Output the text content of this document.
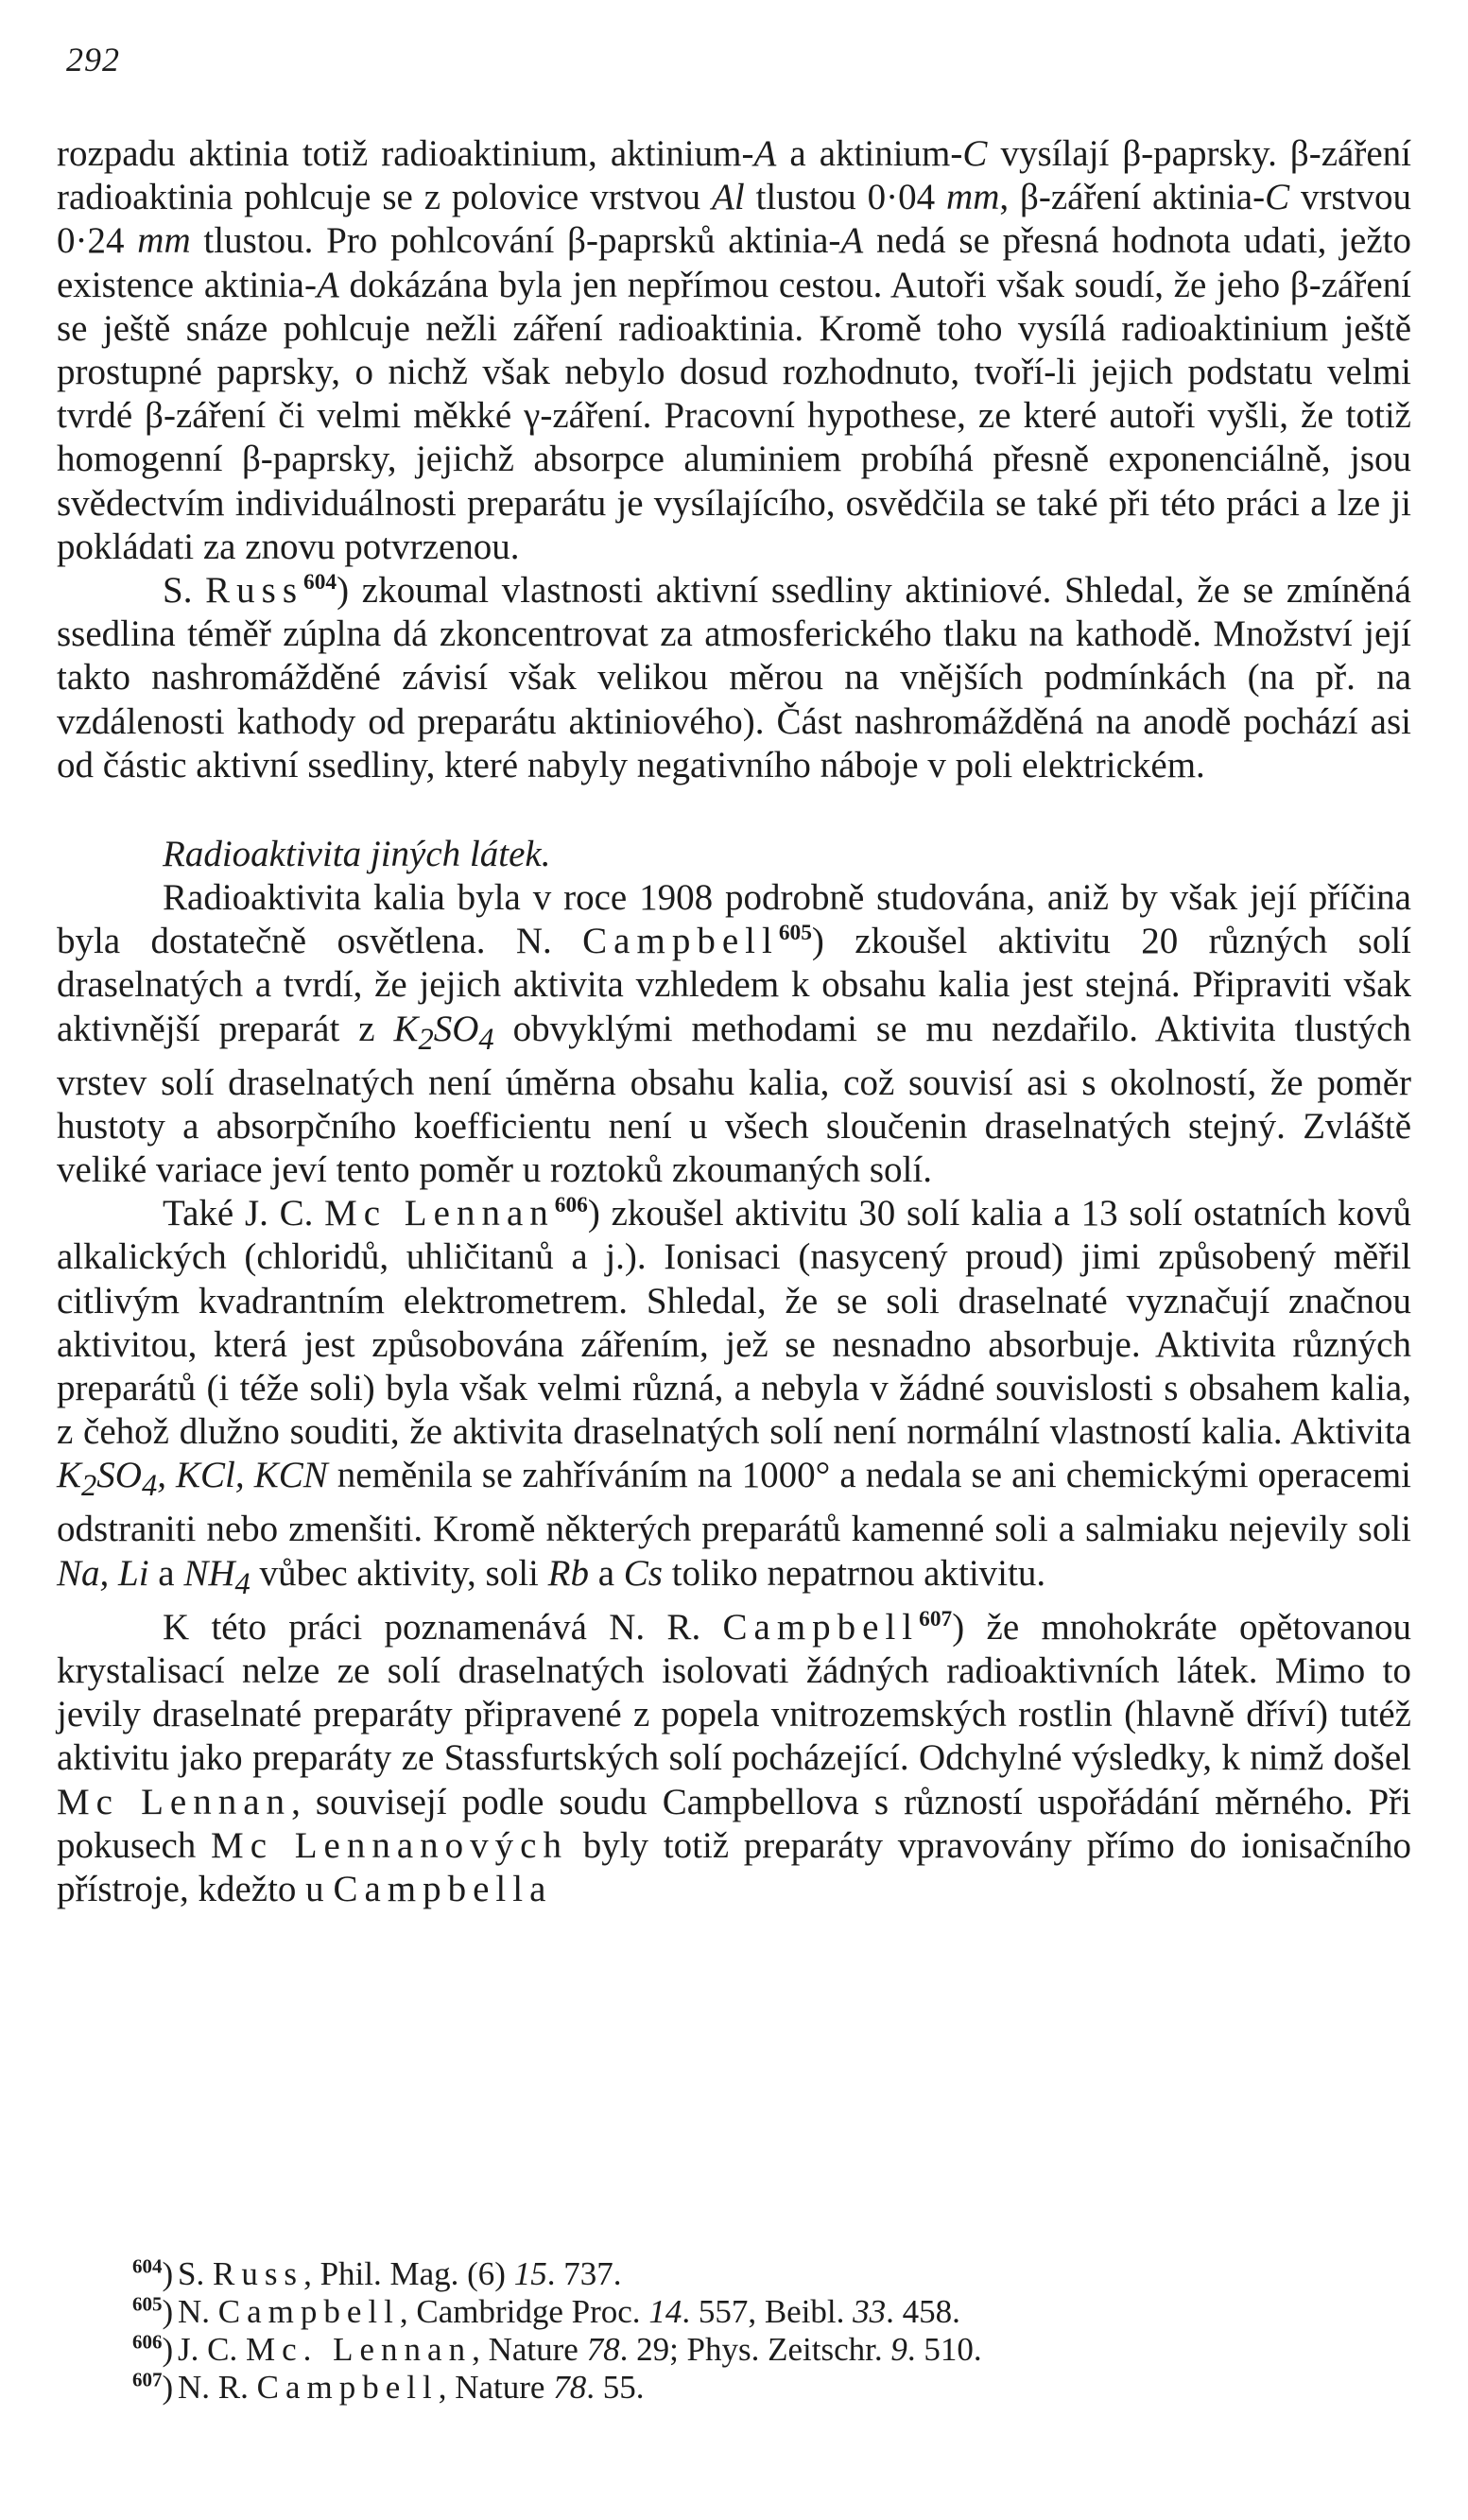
292

rozpadu aktinia totiž radioaktinium, aktinium-A a aktinium-C vysílají β-paprsky. β-záření radioaktinia pohlcuje se z polovice vrstvou Al tlustou 0·04 mm, β-záření aktinia-C vrstvou 0·24 mm tlustou. Pro pohlcování β-paprsků aktinia-A nedá se přesná hodnota udati, ježto existence aktinia-A dokázána byla jen nepřímou cestou. Autoři však soudí, že jeho β-záření se ještě snáze pohlcuje nežli záření radioaktinia. Kromě toho vysílá radioaktinium ještě prostupné paprsky, o nichž však nebylo dosud rozhodnuto, tvoří-li jejich podstatu velmi tvrdé β-záření či velmi měkké γ-záření. Pracovní hypothese, ze které autoři vyšli, že totiž homogenní β-paprsky, jejichž absorpce aluminiem probíhá přesně exponenciálně, jsou svědectvím individuálnosti preparátu je vysílajícího, osvědčila se také při této práci a lze ji pokládati za znovu potvrzenou.

S. Russ$^{604}$) zkoumal vlastnosti aktivní ssedliny aktiniové. Shledal, že se zmíněná ssedlina téměř zúplna dá zkoncentrovat za atmosferického tlaku na kathodě. Množství její takto nashromážděné závisí však velikou měrou na vnějších podmínkách (na př. na vzdálenosti kathody od preparátu aktiniového). Část nashromážděná na anodě pochází asi od částic aktivní ssedliny, které nabyly negativního náboje v poli elektrickém.

Radioaktivita jiných látek.

Radioaktivita kalia byla v roce 1908 podrobně studována, aniž by však její příčina byla dostatečně osvětlena. N. Campbell$^{605}$) zkoušel aktivitu 20 různých solí draselnatých a tvrdí, že jejich aktivita vzhledem k obsahu kalia jest stejná. Připraviti však aktivnější preparát z $K_2SO_4$ obvyklými methodami se mu nezdařilo. Aktivita tlustých vrstev solí draselnatých není úměrna obsahu kalia, což souvisí asi s okolností, že poměr hustoty a absorpčního koefficientu není u všech sloučenin draselnatých stejný. Zvláště veliké variace jeví tento poměr u roztoků zkoumaných solí.

Také J. C. Mc Lennan$^{606}$) zkoušel aktivitu 30 solí kalia a 13 solí ostatních kovů alkalických (chloridů, uhličitanů a j.). Ionisaci (nasycený proud) jimi způsobený měřil citlivým kvadrantním elektrometrem. Shledal, že se soli draselnaté vyznačují značnou aktivitou, která jest způsobována zářením, jež se nesnadno absorbuje. Aktivita různých preparátů (i téže soli) byla však velmi různá, a nebyla v žádné souvislosti s obsahem kalia, z čehož dlužno souditi, že aktivita draselnatých solí není normální vlastností kalia. Aktivita $K_2SO_4$, KCl, KCN neměnila se zahříváním na 1000° a nedala se ani chemickými operacemi odstraniti nebo zmenšiti. Kromě některých preparátů kamenné soli a salmiaku nejevily soli Na, Li a $NH_4$ vůbec aktivity, soli Rb a Cs toliko nepatrnou aktivitu.

K této práci poznamenává N. R. Campbell$^{607}$) že mnohokráte opětovanou krystalisací nelze ze solí draselnatých isolovati žádných radioaktivních látek. Mimo to jevily draselnaté preparáty připravené z popela vnitrozemských rostlin (hlavně dříví) tutéž aktivitu jako preparáty ze Stassfurtských solí pocházející. Odchylné výsledky, k nimž došel Mc Lennan, souvisejí podle soudu Campbellova s růzností uspořádání měrného. Při pokusech Mc Lennanových byly totiž preparáty vpravovány přímo do ionisačního přístroje, kdežto u Campbella

$^{604}$) S. Russ, Phil. Mag. (6) 15. 737.

$^{605}$) N. Campbell, Cambridge Proc. 14. 557, Beibl. 33. 458.

$^{606}$) J. C. Mc. Lennan, Nature 78. 29; Phys. Zeitschr. 9. 510.

$^{607}$) N. R. Campbell, Nature 78. 55.
